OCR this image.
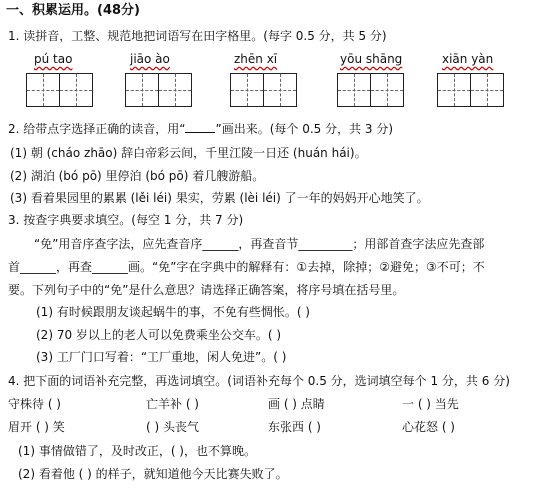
一、积累运用。(48分)
1. 读拼音，工整、规范地把词语写在田字格里。(每字 0.5 分，共 5 分)
pú tao	jiāo ào	zhēn xī	yōu shāng	xiān yàn
2. 给带点字选择正确的读音，用“	”画出来。(每个 0.5 分，共 3 分)
(1) 朝 (cháo zhāo) 辞白帝彩云间，千里江陵一日还 (huán hái)。
(2) 湖泊 (bó pō) 里停泊 (bó pō) 着几艘游船。
(3) 看着果园里的累累 (lěi léi) 果实，劳累 (lèi léi) 了一年的妈妈开心地笑了。
3. 按查字典要求填空。(每空 1 分，共 7 分)
“免”用音序查字法，应先查音序______，再查音节_________；用部首查字法应先查部
首______，再查______画。“免”字在字典中的解释有：①去掉，除掉；②避免；③不可；不
要。下列句子中的“免”是什么意思？请选择正确答案，将序号填在括号里。
(1) 有时候跟朋友谈起蜗牛的事，不免有些惆怅。( )
(2) 70 岁以上的老人可以免费乘坐公交车。( )
(3) 工厂门口写着：“工厂重地，闲人免进”。( )
4. 把下面的词语补充完整，再选词填空。(词语补充每个 0.5 分，选词填空每个 1 分，共 6 分)
守株待 ( )	亡羊补 ( )	画 ( ) 点睛	一 ( ) 当先
眉开 ( ) 笑	( ) 头丧气	东张西 ( )	心花怒 ( )
(1) 事情做错了，及时改正，( )，也不算晚。
(2) 看着他 ( ) 的样子，就知道他今天比赛失败了。
